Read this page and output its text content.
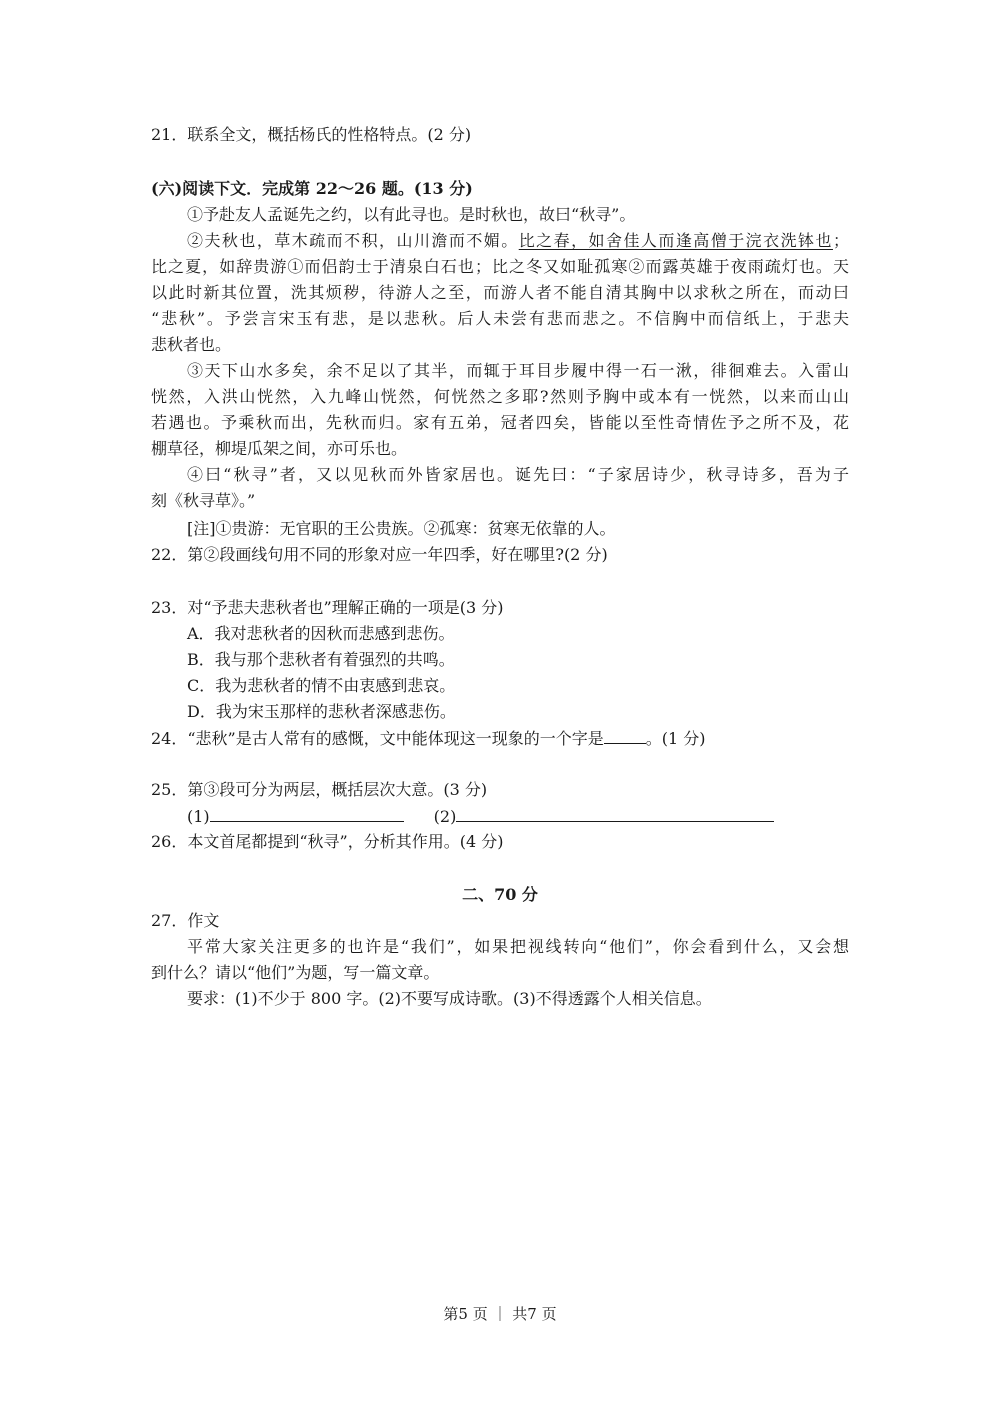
21．联系全文，概括杨氏的性格特点。(2 分)
(六)阅读下文．完成第 22～26 题。(13 分)
①予赴友人孟诞先之约，以有此寻也。是时秋也，故曰“秋寻”。
②夫秋也，草木疏而不积，山川澹而不媚。比之春，如舍佳人而逢高僧于浣衣洗钵也；
比之夏，如辞贵游①而侣韵士于清泉白石也；比之冬又如耻孤寒②而露英雄于夜雨疏灯也。天
以此时新其位置，洗其烦秽，待游人之至，而游人者不能自清其胸中以求秋之所在，而动曰
“悲秋”。予尝言宋玉有悲，是以悲秋。后人未尝有悲而悲之。不信胸中而信纸上，于悲夫
悲秋者也。
③天下山水多矣，余不足以了其半，而辄于耳目步履中得一石一湫，徘徊难去。入雷山
恍然，入洪山恍然，入九峰山恍然，何恍然之多耶?然则予胸中或本有一恍然，以来而山山
若遇也。予乘秋而出，先秋而归。家有五弟，冠者四矣，皆能以至性奇情佐予之所不及，花
棚草径，柳堤瓜架之间，亦可乐也。
④曰“秋寻”者，又以见秋而外皆家居也。诞先曰：“子家居诗少，秋寻诗多，吾为子
刻《秋寻草》。”
[注]①贵游：无官职的王公贵族。②孤寒：贫寒无依靠的人。
22．第②段画线句用不同的形象对应一年四季，好在哪里?(2 分)
23．对“予悲夫悲秋者也”理解正确的一项是(3 分)
A．我对悲秋者的因秋而悲感到悲伤。
B．我与那个悲秋者有着强烈的共鸣。
C．我为悲秋者的情不由衷感到悲哀。
D．我为宋玉那样的悲秋者深感悲伤。
24．“悲秋”是古人常有的感慨，文中能体现这一现象的一个字是	。(1 分)
25．第③段可分为两层，概括层次大意。(3 分)
(1)	(2)
26．本文首尾都提到“秋寻”，分析其作用。(4 分)
二、70 分
27．作文
平常大家关注更多的也许是“我们”，如果把视线转向“他们”，你会看到什么，又会想
到什么？请以“他们”为题，写一篇文章。
要求：(1)不少于 800 字。(2)不要写成诗歌。(3)不得透露个人相关信息。
第5 页 ｜ 共7 页
